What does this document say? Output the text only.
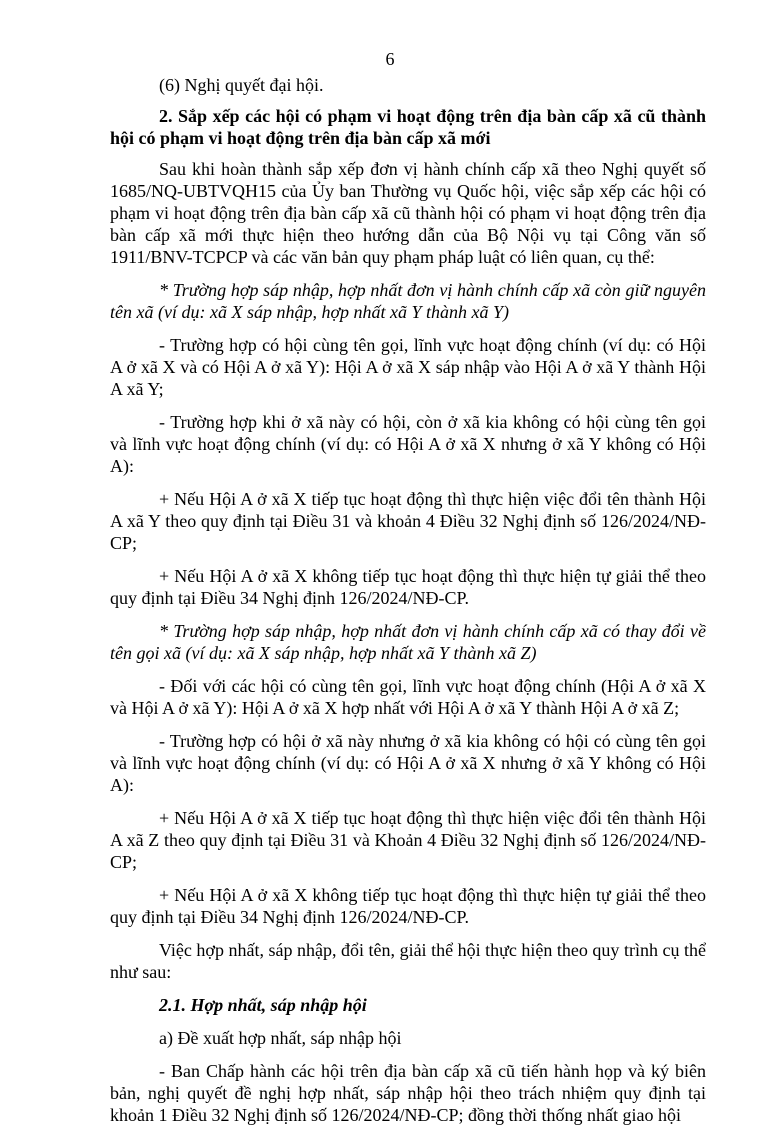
6

(6) Nghị quyết đại hội.

2. Sắp xếp các hội có phạm vi hoạt động trên địa bàn cấp xã cũ thành hội có phạm vi hoạt động trên địa bàn cấp xã mới

Sau khi hoàn thành sắp xếp đơn vị hành chính cấp xã theo Nghị quyết số 1685/NQ-UBTVQH15 của Ủy ban Thường vụ Quốc hội, việc sắp xếp các hội có phạm vi hoạt động trên địa bàn cấp xã cũ thành hội có phạm vi hoạt động trên địa bàn cấp xã mới thực hiện theo hướng dẫn của Bộ Nội vụ tại Công văn số 1911/BNV-TCPCP và các văn bản quy phạm pháp luật có liên quan, cụ thể:

* Trường hợp sáp nhập, hợp nhất đơn vị hành chính cấp xã còn giữ nguyên tên xã (ví dụ: xã X sáp nhập, hợp nhất xã Y thành xã Y)

- Trường hợp có hội cùng tên gọi, lĩnh vực hoạt động chính (ví dụ: có Hội A ở xã X và có Hội A ở xã Y): Hội A ở xã X sáp nhập vào Hội A ở xã Y thành Hội A xã Y;

- Trường hợp khi ở xã này có hội, còn ở xã kia không có hội cùng tên gọi và lĩnh vực hoạt động chính (ví dụ: có Hội A ở xã X nhưng ở xã Y không có Hội A):

+ Nếu Hội A ở xã X tiếp tục hoạt động thì thực hiện việc đổi tên thành Hội A xã Y theo quy định tại Điều 31 và khoản 4 Điều 32 Nghị định số 126/2024/NĐ-CP;

+ Nếu Hội A ở xã X không tiếp tục hoạt động thì thực hiện tự giải thể theo quy định tại Điều 34 Nghị định 126/2024/NĐ-CP.

* Trường hợp sáp nhập, hợp nhất đơn vị hành chính cấp xã có thay đổi về tên gọi xã (ví dụ: xã X sáp nhập, hợp nhất xã Y thành xã Z)

- Đối với các hội có cùng tên gọi, lĩnh vực hoạt động chính (Hội A ở xã X và Hội A ở xã Y): Hội A ở xã X hợp nhất với Hội A ở xã Y thành Hội A ở xã Z;

- Trường hợp có hội ở xã này nhưng ở xã kia không có hội có cùng tên gọi và lĩnh vực hoạt động chính (ví dụ: có Hội A ở xã X nhưng ở xã Y không có Hội A):

+ Nếu Hội A ở xã X tiếp tục hoạt động thì thực hiện việc đổi tên thành Hội A xã Z theo quy định tại Điều 31 và Khoản 4 Điều 32 Nghị định số 126/2024/NĐ-CP;

+ Nếu Hội A ở xã X không tiếp tục hoạt động thì thực hiện tự giải thể theo quy định tại Điều 34 Nghị định 126/2024/NĐ-CP.

Việc hợp nhất, sáp nhập, đổi tên, giải thể hội thực hiện theo quy trình cụ thể như sau:

2.1. Hợp nhất, sáp nhập hội

a) Đề xuất hợp nhất, sáp nhập hội

- Ban Chấp hành các hội trên địa bàn cấp xã cũ tiến hành họp và ký biên bản, nghị quyết đề nghị hợp nhất, sáp nhập hội theo trách nhiệm quy định tại khoản 1 Điều 32 Nghị định số 126/2024/NĐ-CP; đồng thời thống nhất giao hội
